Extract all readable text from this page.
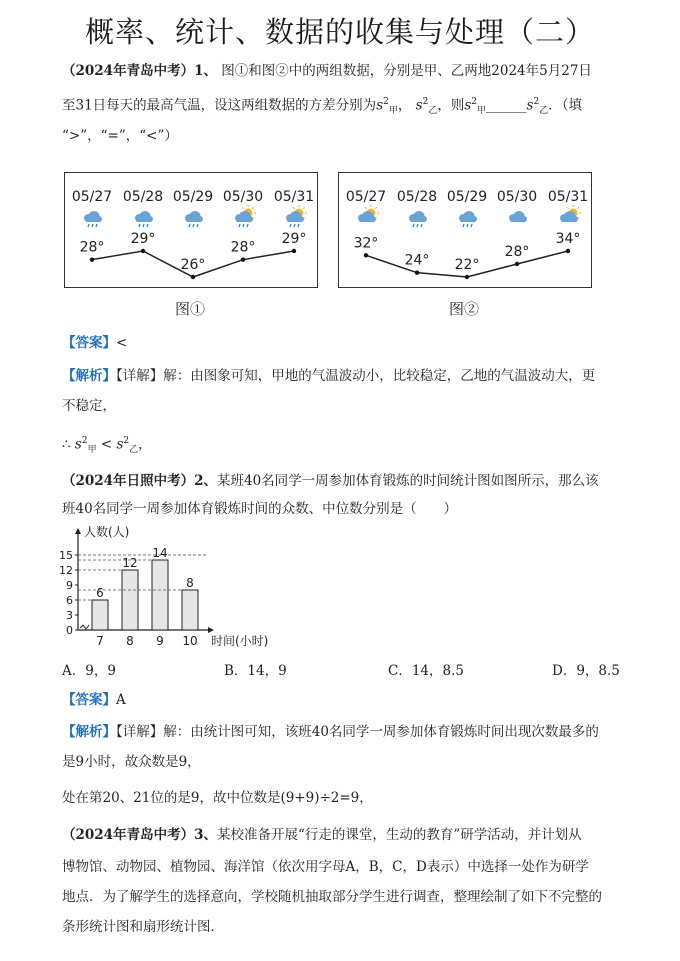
概率、统计、数据的收集与处理（二）
（2024年青岛中考）1、 图①和图②中的两组数据，分别是甲、乙两地2024年5月27日
至31日每天的最高气温，设这两组数据的方差分别为$s^2_甲$， $s^2_乙$，则$s^2_甲\_\_\_\_\_\_s^2_乙$．（填
“>”，“=”，“<”）
05/27 05/28 05/29 05/30 05/31
28°
29°
26°
28°
29°
图①
05/27 05/28 05/29 05/30 05/31
32°
24° 22°
28°
34°
图②
【答案】<
【解析】【详解】解：由图象可知，甲地的气温波动小，比较稳定，乙地的气温波动大，更
不稳定，
∴ $s^2_甲 < s^2_乙$，
（2024年日照中考）2、某班40名同学一周参加体育锻炼的时间统计图如图所示，那么该
班40名同学一周参加体育锻炼时间的众数、中位数分别是（　　）
0
3
6
9
12
15
人数(人)
时间(小时)
6
7
12
8
14
9
8
10
A．9，9	B．14，9	C．14，8.5	D．9，8.5
【答案】A
【解析】【详解】解：由统计图可知，该班40名同学一周参加体育锻炼时间出现次数最多的
是9小时，故众数是9，
处在第20、21位的是9，故中位数是(9+9)÷2=9，
（2024年青岛中考）3、某校准备开展“行走的课堂，生动的教育”研学活动，并计划从
博物馆、动物园、植物园、海洋馆（依次用字母A，B，C，D表示）中选择一处作为研学
地点．为了解学生的选择意向，学校随机抽取部分学生进行调查，整理绘制了如下不完整的
条形统计图和扇形统计图．
